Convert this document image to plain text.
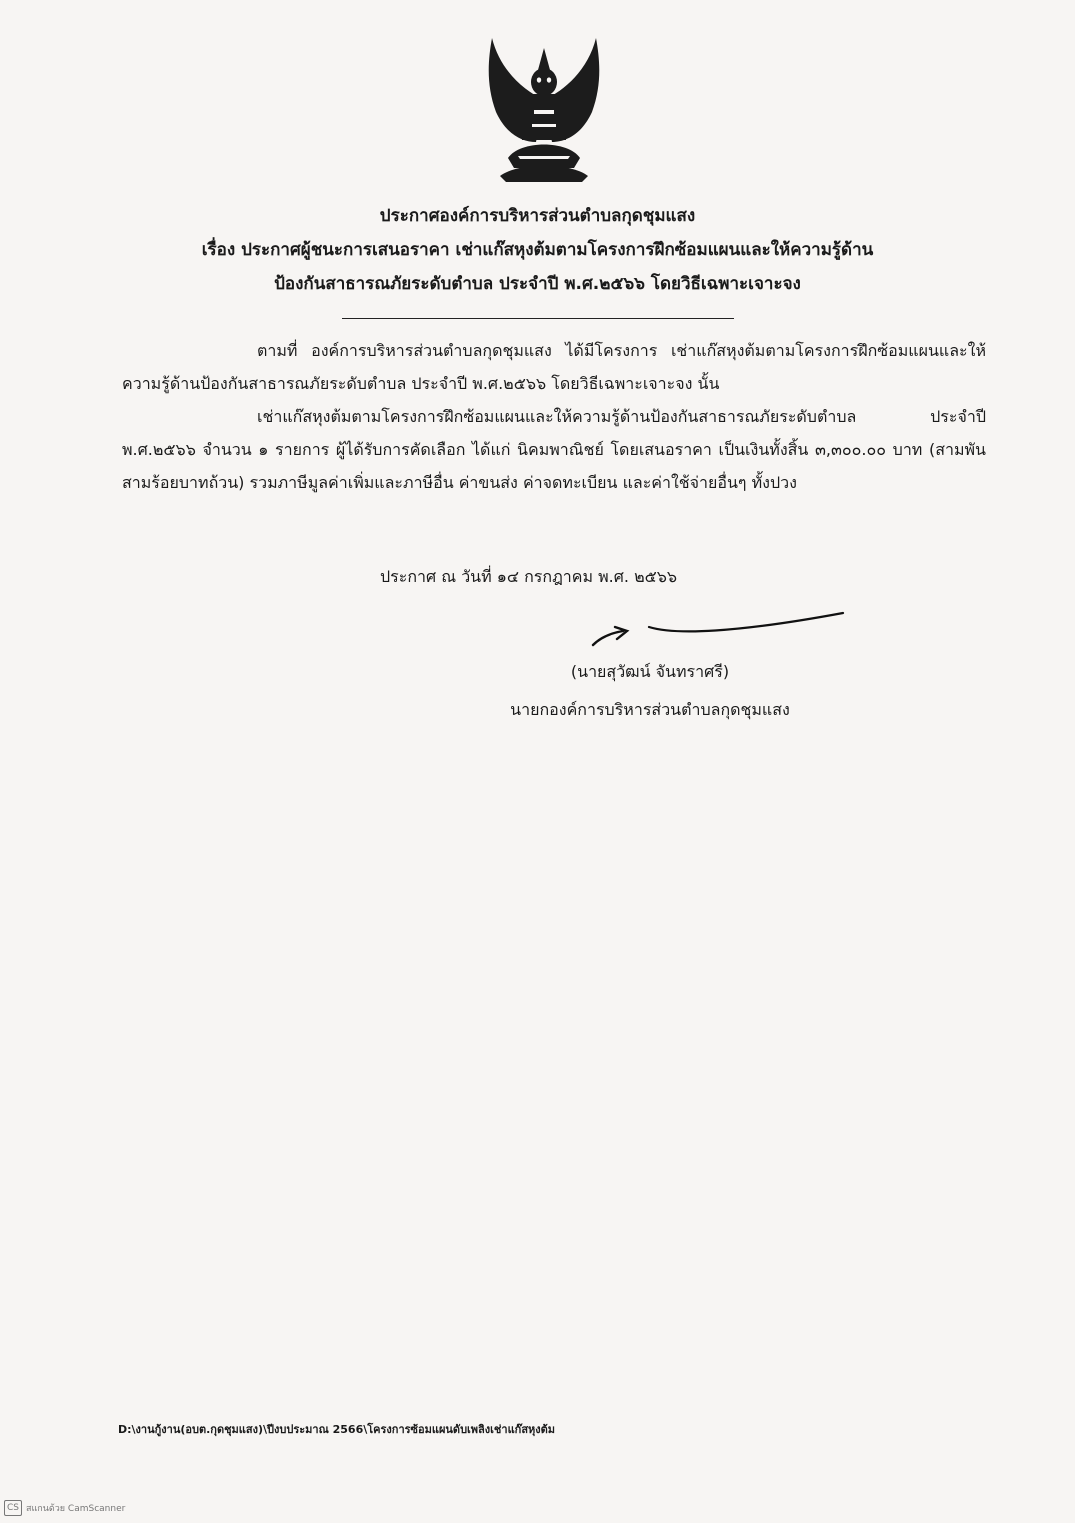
ประกาศองค์การบริหารส่วนตำบลกุดชุมแสง
เรื่อง ประกาศผู้ชนะการเสนอราคา เช่าแก๊สหุงต้มตามโครงการฝึกซ้อมแผนและให้ความรู้ด้าน
ป้องกันสาธารณภัยระดับตำบล ประจำปี พ.ศ.๒๕๖๖ โดยวิธีเฉพาะเจาะจง

ตามที่ องค์การบริหารส่วนตำบลกุดชุมแสง ได้มีโครงการ เช่าแก๊สหุงต้มตามโครงการฝึกซ้อมแผนและให้ความรู้ด้านป้องกันสาธารณภัยระดับตำบล ประจำปี พ.ศ.๒๕๖๖ โดยวิธีเฉพาะเจาะจง นั้น

เช่าแก๊สหุงต้มตามโครงการฝึกซ้อมแผนและให้ความรู้ด้านป้องกันสาธารณภัยระดับตำบล ประจำปี พ.ศ.๒๕๖๖ จำนวน ๑ รายการ ผู้ได้รับการคัดเลือก ได้แก่ นิคมพาณิชย์ โดยเสนอราคา เป็นเงินทั้งสิ้น ๓,๓๐๐.๐๐ บาท (สามพันสามร้อยบาทถ้วน) รวมภาษีมูลค่าเพิ่มและภาษีอื่น ค่าขนส่ง ค่าจดทะเบียน และค่าใช้จ่ายอื่นๆ ทั้งปวง

ประกาศ ณ วันที่ ๑๔ กรกฎาคม พ.ศ. ๒๕๖๖
(นายสุวัฒน์ จันทราศรี)
นายกองค์การบริหารส่วนตำบลกุดชุมแสง
D:\งานกู้งาน(อบต.กุดชุมแสง)\ปีงบประมาณ 2566\โครงการซ้อมแผนดับเพลิงเช่าแก๊สหุงต้ม
CS สแกนด้วย CamScanner
